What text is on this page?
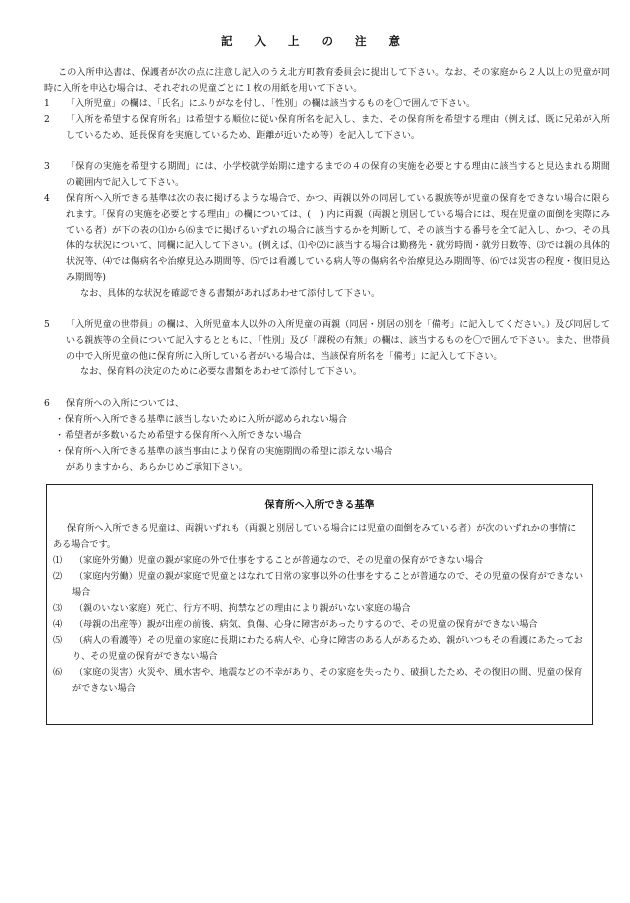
記 入 上 の 注 意
この入所申込書は、保護者が次の点に注意し記入のうえ北方町教育委員会に提出して下さい。なお、その家庭から２人以上の児童が同時に入所を申込む場合は、それぞれの児童ごとに１枚の用紙を用いて下さい。
1	「入所児童」の欄は、「氏名」にふりがなを付し、「性別」の欄は該当するものを〇で囲んで下さい。
2	「入所を希望する保育所名」は希望する順位に従い保育所名を記入し、また、その保育所を希望する理由（例えば、既に兄弟が入所しているため、延長保育を実施しているため、距離が近いため等）を記入して下さい。
3	「保育の実施を希望する期間」には、小学校就学始期に達するまでの４の保育の実施を必要とする理由に該当すると見込まれる期間の範囲内で記入して下さい。
4	保育所へ入所できる基準は次の表に掲げるような場合で、かつ、両親以外の同居している親族等が児童の保育をできない場合に限られます。「保育の実施を必要とする理由」の欄については、(　) 内に両親（両親と別居している場合には、現在児童の面倒を実際にみている者）が下の表の⑴から⑹までに掲げるいずれの場合に該当するかを判断して、その該当する番号を全て記入し、かつ、その具体的な状況について、同欄に記入して下さい。(例えば、⑴や⑵に該当する場合は勤務先・就労時間・就労日数等、⑶では親の具体的状況等、⑷では傷病名や治療見込み期間等、⑸では看護している病人等の傷病名や治療見込み期間等、⑹では災害の程度・復旧見込み期間等)
なお、具体的な状況を確認できる書類があればあわせて添付して下さい。
5	「入所児童の世帯員」の欄は、入所児童本人以外の入所児童の両親（同居・別居の別を「備考」に記入してください。）及び同居している親族等の全員について記入するとともに、「性別」及び「課税の有無」の欄は、該当するものを〇で囲んで下さい。また、世帯員の中で入所児童の他に保育所に入所している者がいる場合は、当該保育所名を「備考」に記入して下さい。
なお、保育料の決定のために必要な書類をあわせて添付して下さい。
6	保育所への入所については、
・ 保育所へ入所できる基準に該当しないために入所が認められない場合
・ 希望者が多数いるため希望する保育所へ入所できない場合
・ 保育所へ入所できる基準の該当事由により保育の実施期間の希望に添えない場合
がありますから、あらかじめご承知下さい。
保育所へ入所できる基準
保育所へ入所できる児童は、両親いずれも（両親と別居している場合には児童の面倒をみている者）が次のいずれかの事情にある場合です。
⑴ （家庭外労働）児童の親が家庭の外で仕事をすることが普通なので、その児童の保育ができない場合
⑵ （家庭内労働）児童の親が家庭で児童とはなれて日常の家事以外の仕事をすることが普通なので、その児童の保育ができない場合
⑶ （親のいない家庭）死亡、行方不明、拘禁などの理由により親がいない家庭の場合
⑷ （母親の出産等）親が出産の前後、病気、負傷、心身に障害があったりするので、その児童の保育ができない場合
⑸ （病人の看護等）その児童の家庭に長期にわたる病人や、心身に障害のある人があるため、親がいつもその看護にあたっており、その児童の保育ができない場合
⑹ （家庭の災害）火災や、風水害や、地震などの不幸があり、その家庭を失ったり、破損したため、その復旧の間、児童の保育ができない場合
